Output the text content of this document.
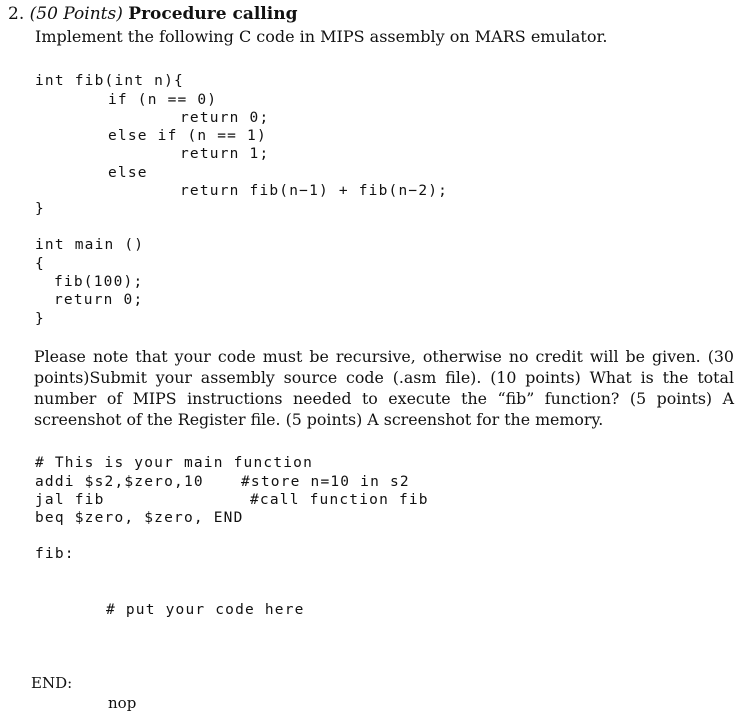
2. (50 Points) Procedure calling
Implement the following C code in MIPS assembly on MARS emulator.
int fib(int n){
if (n == 0)
return 0;
else if (n == 1)
return 1;
else
return fib(n−1) + fib(n−2);
}
int main ()
{
fib(100);
return 0;
}
Please note that your code must be recursive, otherwise no credit will be given. (30 points)Submit your assembly source code (.asm file). (10 points) What is the total number of MIPS instructions needed to execute the “fib” function? (5 points) A screenshot of the Register file. (5 points) A screenshot for the memory.
# This is your main function
addi $s2,$zero,10	#store n=10 in s2
jal fib	#call function fib
beq $zero, $zero, END
fib:
# put your code here
END:
nop
